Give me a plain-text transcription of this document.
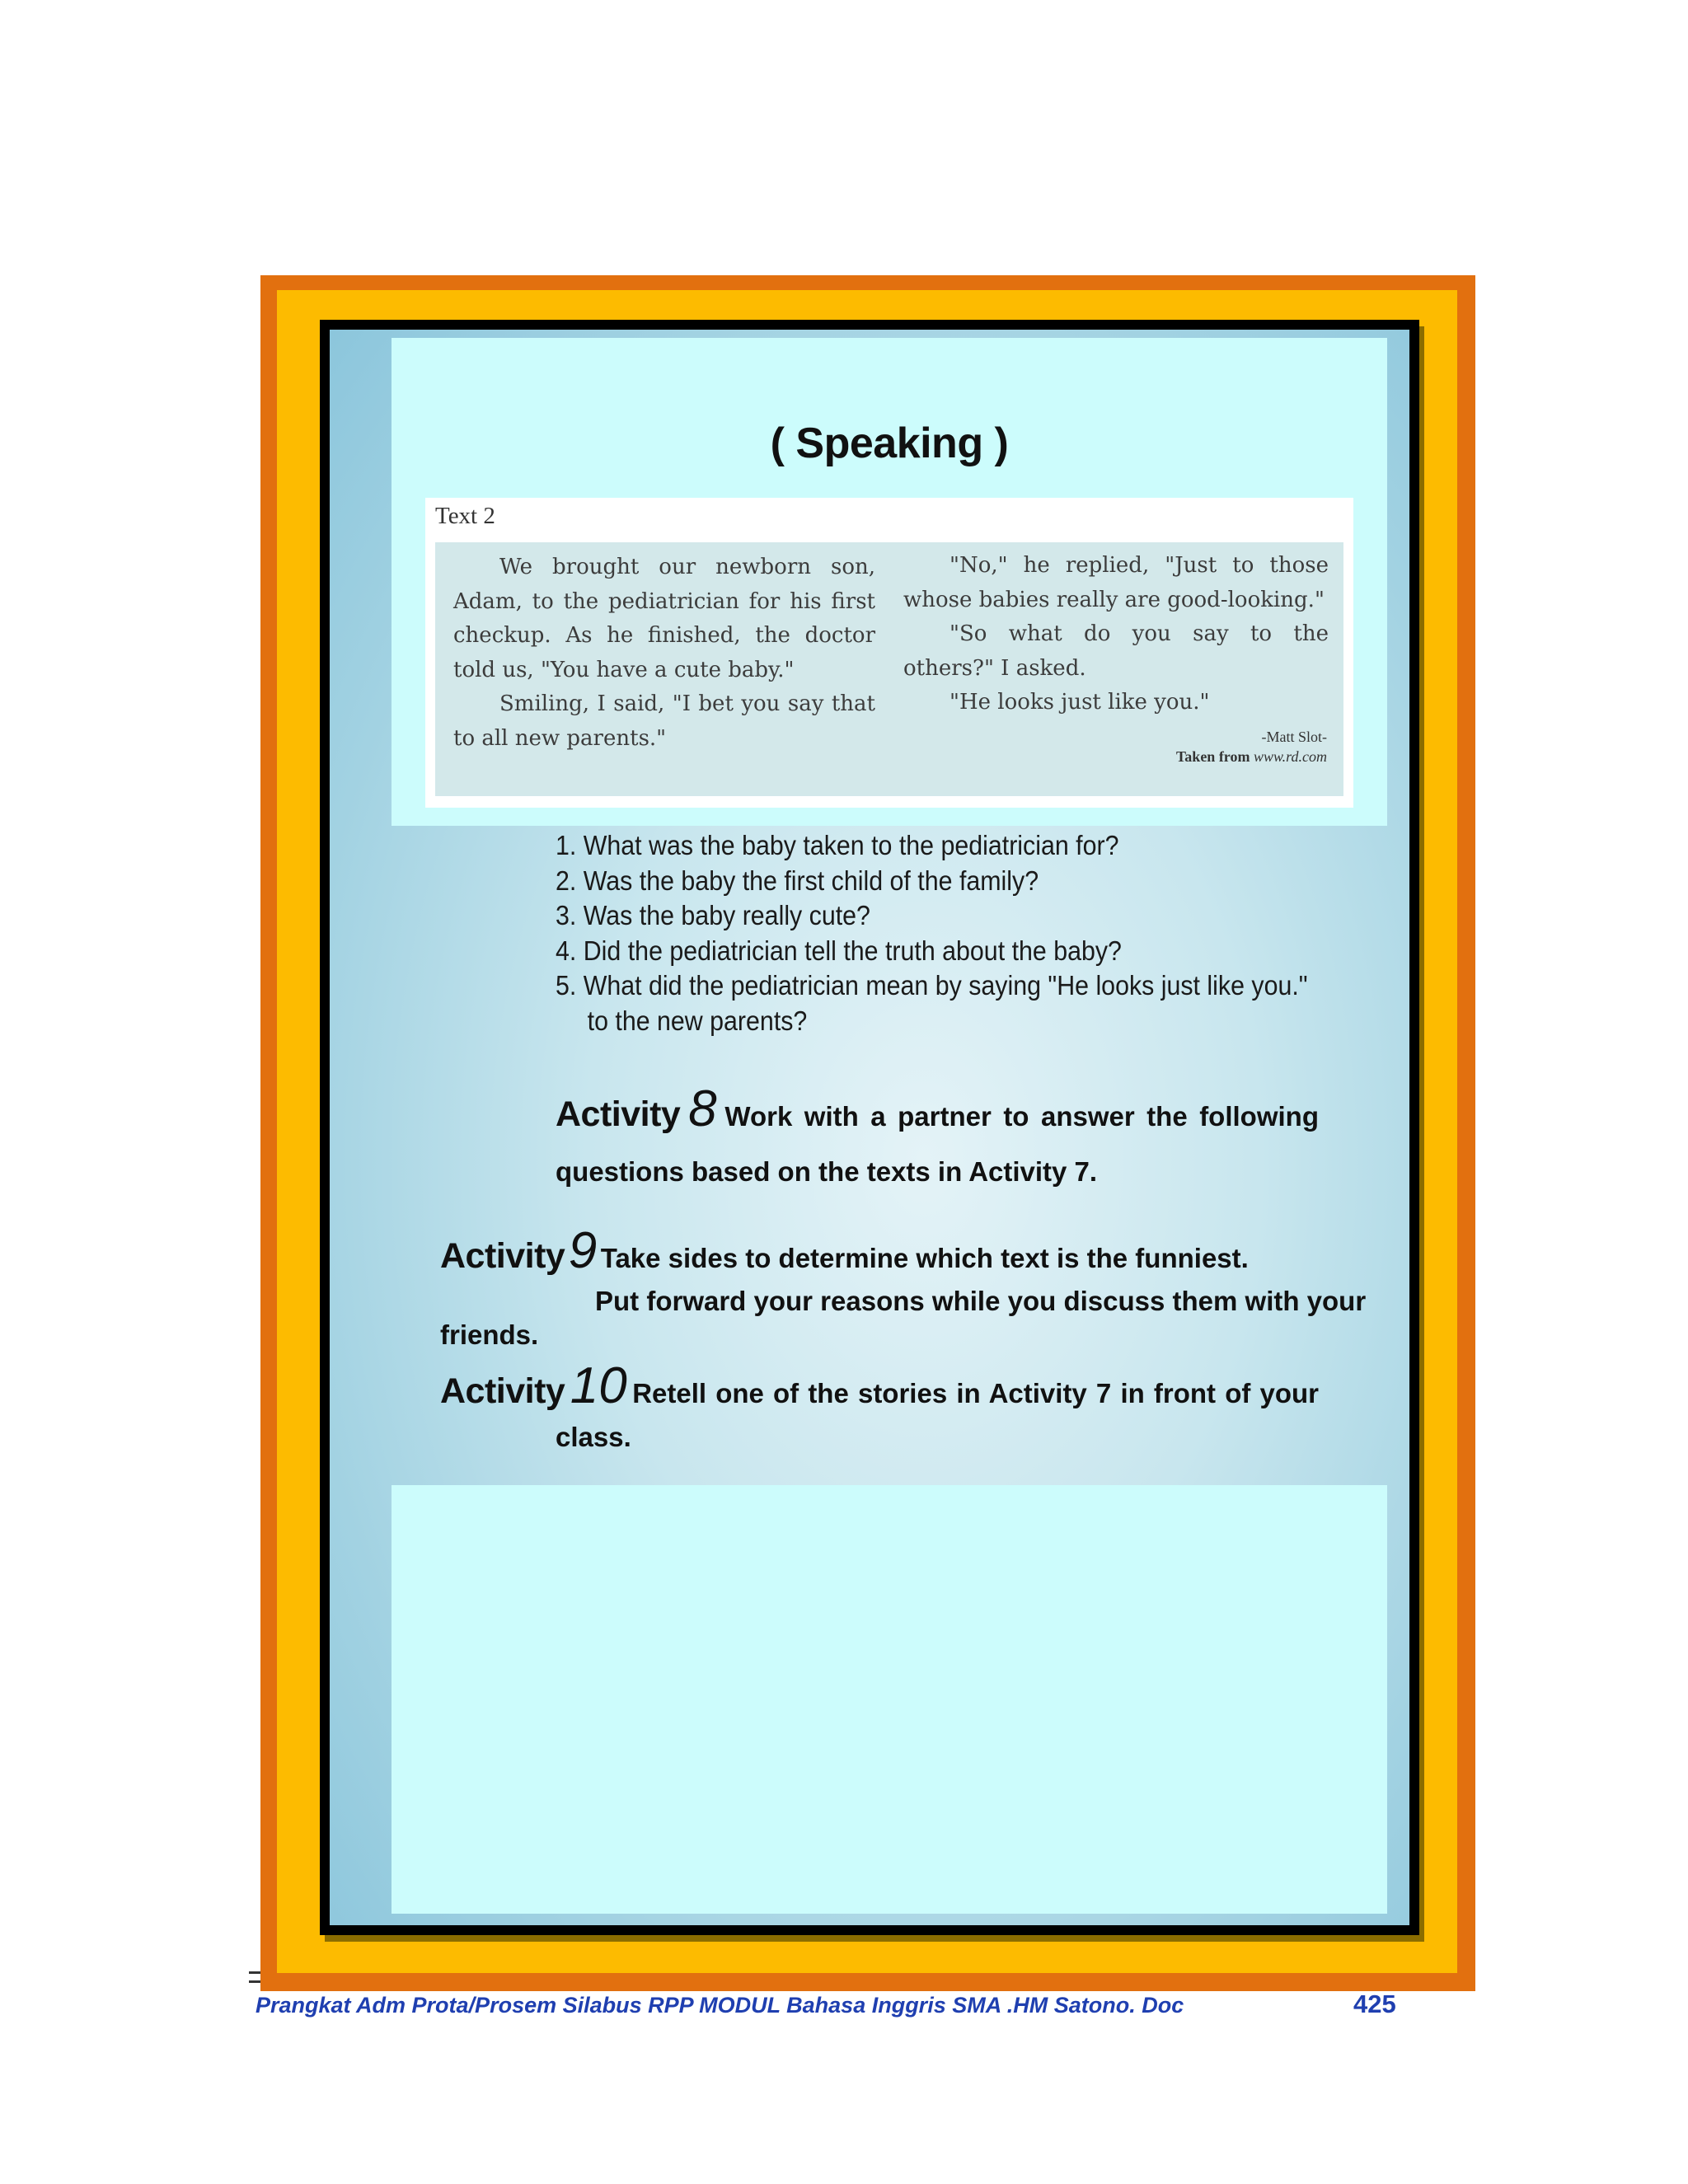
( Speaking )
Text 2

We brought our newborn son, Adam, to the pediatrician for his first checkup. As he finished, the doctor told us, "You have a cute baby."

Smiling, I said, "I bet you say that to all new parents."

"No," he replied, "Just to those whose babies really are good-looking."

"So what do you say to the others?" I asked.

"He looks just like you."

-Matt Slot-
Taken from www.rd.com
1. What was the baby taken to the pediatrician for?
2. Was the baby the first child of the family?
3. Was the baby really cute?
4. Did the pediatrician tell the truth about the baby?
5. What did the pediatrician mean by saying "He looks just like you."
to the new parents?
Activity 8 Work with a partner to answer the following
questions based on the texts in Activity 7.
Activity 9 Take sides to determine which text is the funniest.
Put forward your reasons while you discuss them with your
friends.
Activity 10 Retell one of the stories in Activity 7 in front of your
class.
Prangkat Adm Prota/Prosem Silabus RPP MODUL Bahasa Inggris SMA .HM Satono. Doc	425
